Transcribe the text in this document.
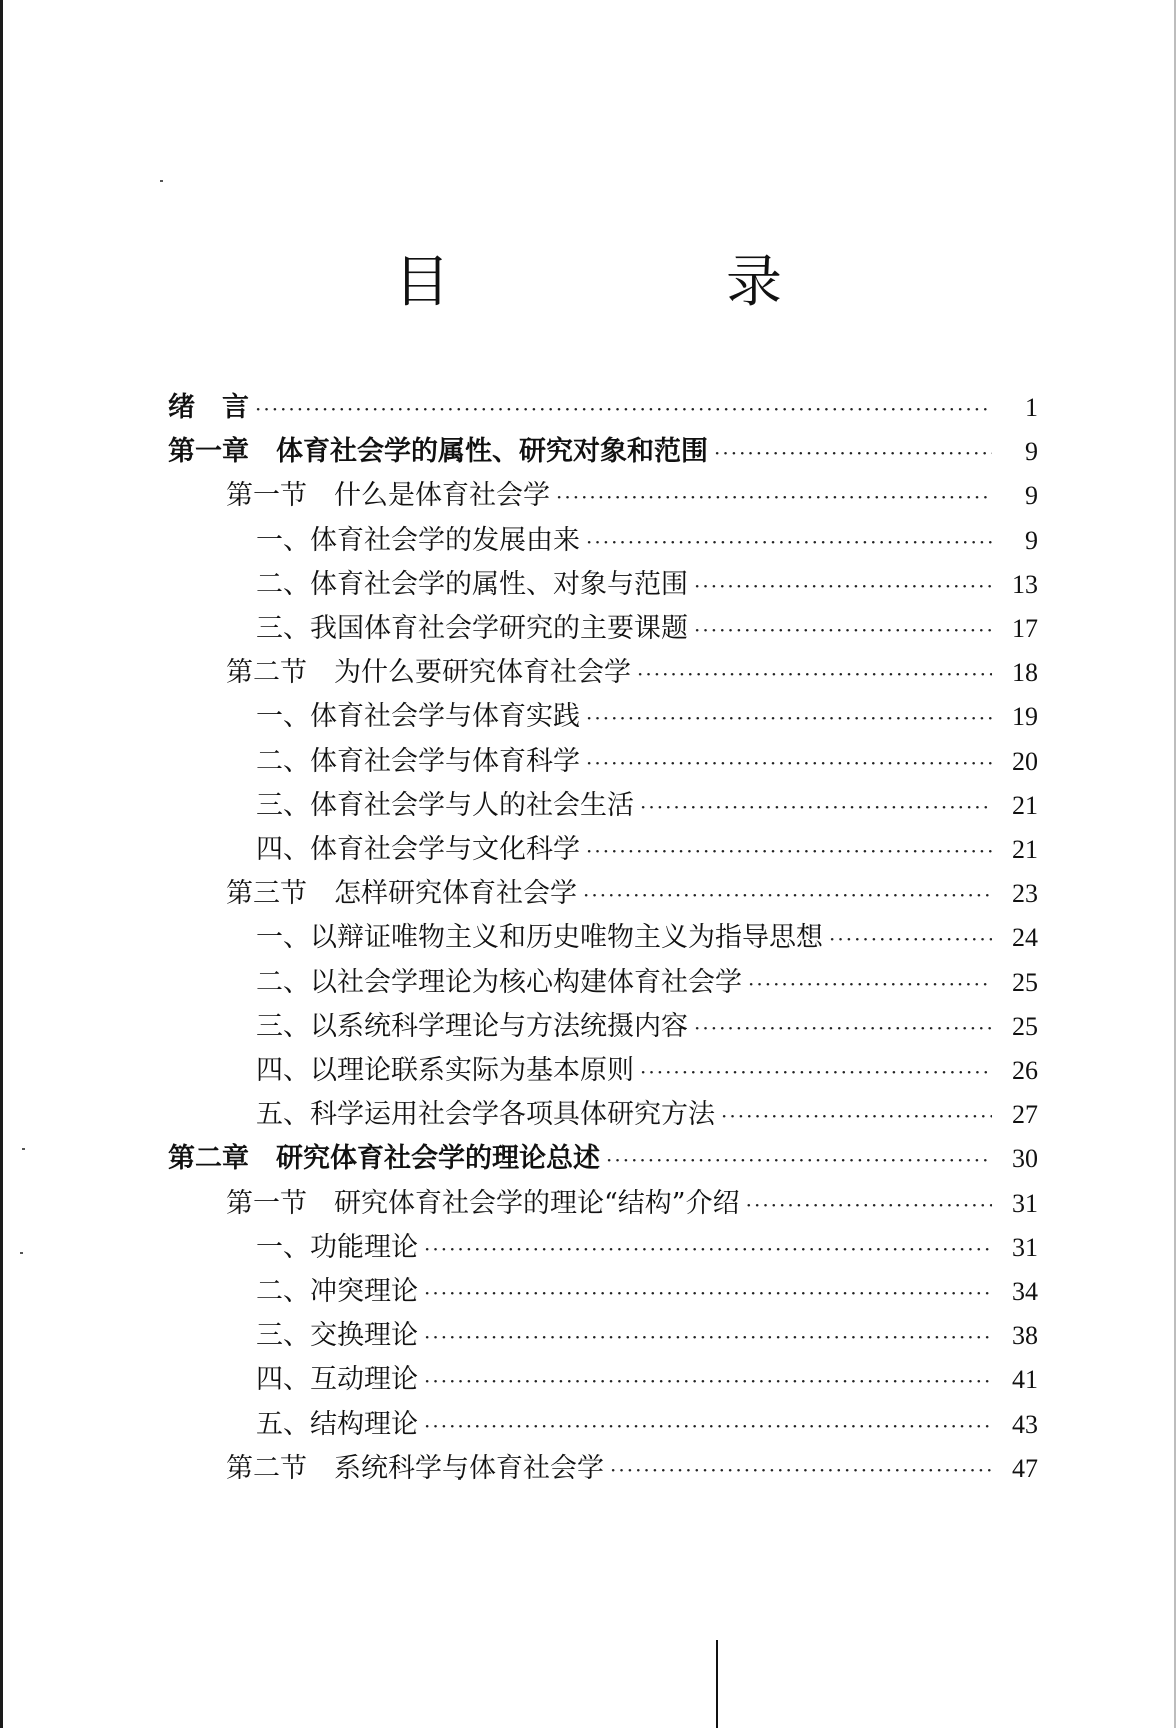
目　录
绪　言 ·····	1
第一章　体育社会学的属性、研究对象和范围 ·····	9
第一节　什么是体育社会学 ·····	9
一、体育社会学的发展由来 ·····	9
二、体育社会学的属性、对象与范围 ·····	13
三、我国体育社会学研究的主要课题 ·····	17
第二节　为什么要研究体育社会学 ·····	18
一、体育社会学与体育实践 ·····	19
二、体育社会学与体育科学 ·····	20
三、体育社会学与人的社会生活 ·····	21
四、体育社会学与文化科学 ·····	21
第三节　怎样研究体育社会学 ·····	23
一、以辩证唯物主义和历史唯物主义为指导思想 ·····	24
二、以社会学理论为核心构建体育社会学 ·····	25
三、以系统科学理论与方法统摄内容 ·····	25
四、以理论联系实际为基本原则 ·····	26
五、科学运用社会学各项具体研究方法 ·····	27
第二章　研究体育社会学的理论总述 ·····	30
第一节　研究体育社会学的理论“结构”介绍 ·····	31
一、功能理论 ·····	31
二、冲突理论 ·····	34
三、交换理论 ·····	38
四、互动理论 ·····	41
五、结构理论 ·····	43
第二节　系统科学与体育社会学 ·····	47
